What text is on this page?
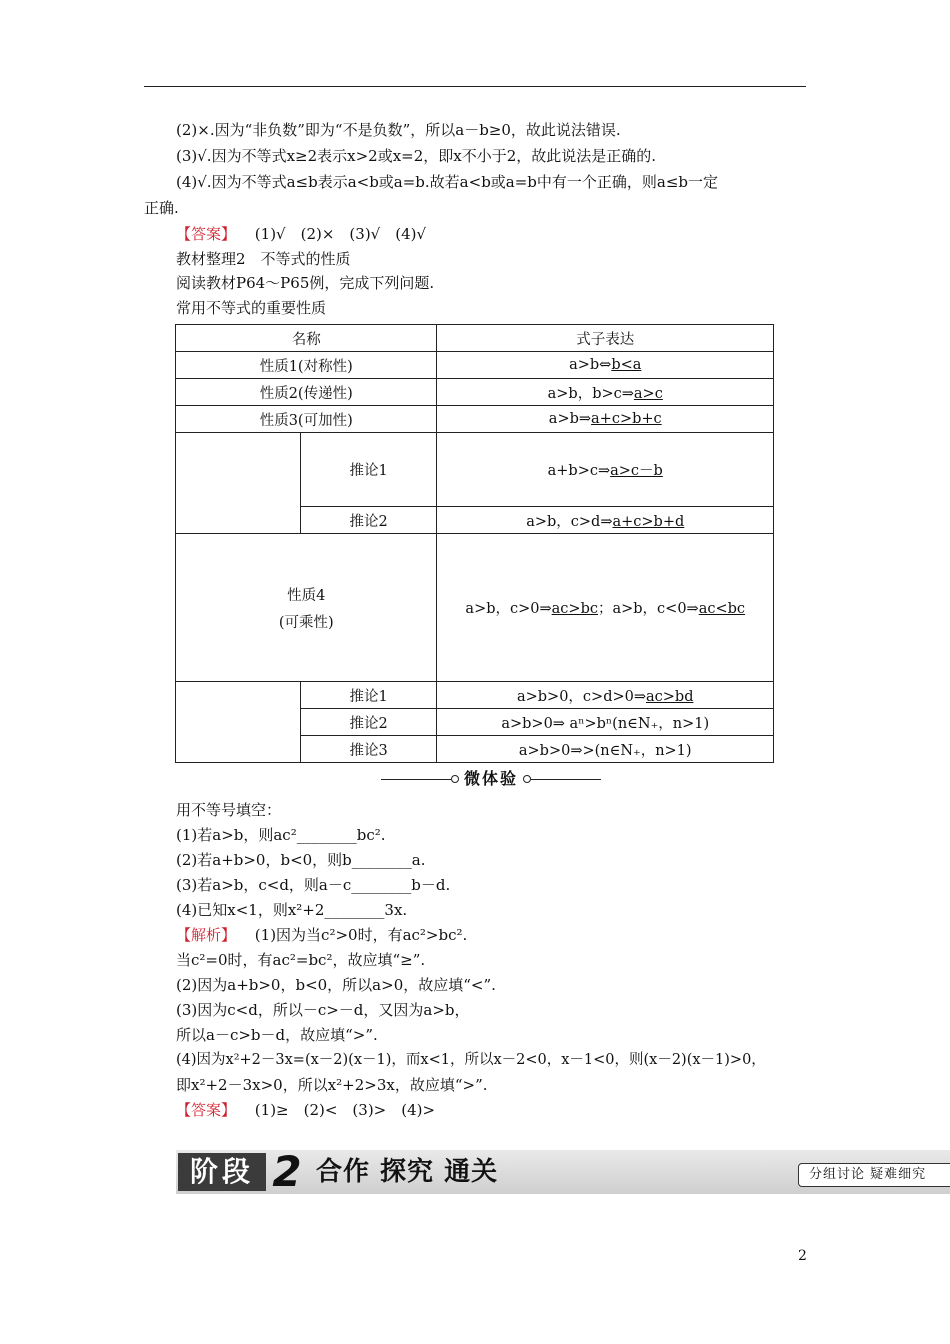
(2)×.因为“非负数”即为“不是负数”，所以a－b≥0，故此说法错误.
(3)√.因为不等式x≥2表示x>2或x=2，即x不小于2，故此说法是正确的.
(4)√.因为不等式a≤b表示a<b或a=b.故若a<b或a=b中有一个正确，则a≤b一定
正确.
【答案】 (1)√　(2)×　(3)√　(4)√
教材整理2　不等式的性质
阅读教材P64～P65例，完成下列问题.
常用不等式的重要性质
名称		式子表达
性质1(对称性)		a>b⇔b<a
性质2(传递性)		a>b，b>c⇒a>c
性质3(可加性)		a>b⇒a+c>b+c
	推论1	a+b>c⇒a>c－b
	推论2	a>b，c>d⇒a+c>b+d

性质4
(可乘性)		a>b，c>0⇒ac>bc；a>b，c<0⇒ac<bc
	推论1	a>b>0，c>d>0⇒ac>bd
	推论2	a>b>0⇒ aⁿ>bⁿ(n∈N₊，n>1)
	推论3	a>b>0⇒>(n∈N₊，n>1)
微体验
用不等号填空：
(1)若a>b，则ac²________bc².
(2)若a+b>0，b<0，则b________a.
(3)若a>b，c<d，则a－c________b－d.
(4)已知x<1，则x²+2________3x.
【解析】 (1)因为当c²>0时，有ac²>bc².
当c²=0时，有ac²=bc²，故应填“≥”.
(2)因为a+b>0，b<0，所以a>0，故应填“<”.
(3)因为c<d，所以－c>－d，又因为a>b，
所以a－c>b－d，故应填“>”.
(4)因为x²+2－3x=(x－2)(x－1)，而x<1，所以x－2<0，x－1<0，则(x－2)(x－1)>0，
即x²+2－3x>0，所以x²+2>3x，故应填“>”.
【答案】 (1)≥　(2)<　(3)>　(4)>
阶段 2 合作 探究 通关	分组讨论 疑难细究
2
